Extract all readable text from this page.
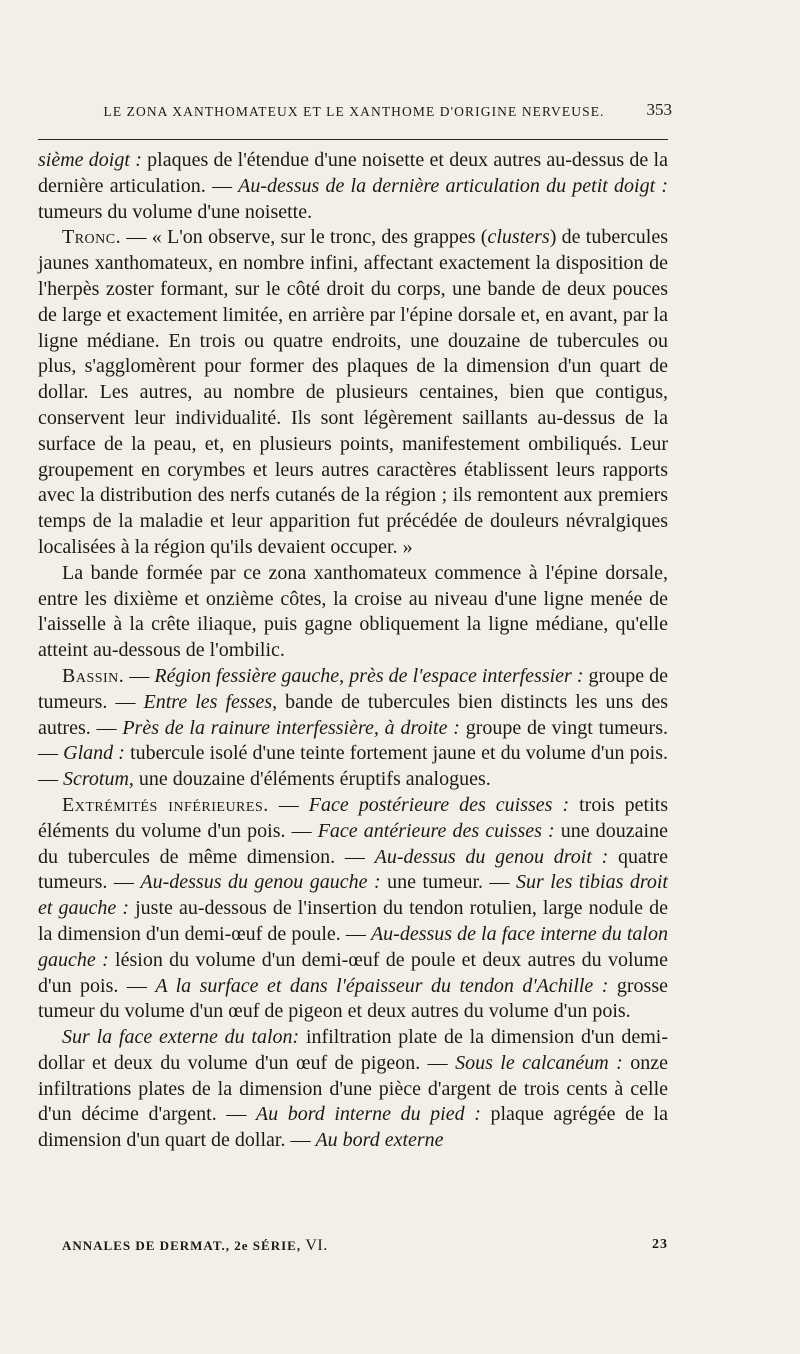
LE ZONA XANTHOMATEUX ET LE XANTHOME D'ORIGINE NERVEUSE.	353

sième doigt : plaques de l'étendue d'une noisette et deux autres au-dessus de la dernière articulation. — Au-dessus de la dernière articulation du petit doigt : tumeurs du volume d'une noisette.

Tronc. — « L'on observe, sur le tronc, des grappes (clusters) de tubercules jaunes xanthomateux, en nombre infini, affectant exactement la disposition de l'herpès zoster formant, sur le côté droit du corps, une bande de deux pouces de large et exactement limitée, en arrière par l'épine dorsale et, en avant, par la ligne médiane. En trois ou quatre endroits, une douzaine de tubercules ou plus, s'agglomèrent pour former des plaques de la dimension d'un quart de dollar. Les autres, au nombre de plusieurs centaines, bien que contigus, conservent leur individualité. Ils sont légèrement saillants au-dessus de la surface de la peau, et, en plusieurs points, manifestement ombiliqués. Leur groupement en corymbes et leurs autres caractères établissent leurs rapports avec la distribution des nerfs cutanés de la région ; ils remontent aux premiers temps de la maladie et leur apparition fut précédée de douleurs névralgiques localisées à la région qu'ils devaient occuper. »

La bande formée par ce zona xanthomateux commence à l'épine dorsale, entre les dixième et onzième côtes, la croise au niveau d'une ligne menée de l'aisselle à la crête iliaque, puis gagne obliquement la ligne médiane, qu'elle atteint au-dessous de l'ombilic.

Bassin. — Région fessière gauche, près de l'espace interfessier : groupe de tumeurs. — Entre les fesses, bande de tubercules bien distincts les uns des autres. — Près de la rainure interfessière, à droite : groupe de vingt tumeurs. — Gland : tubercule isolé d'une teinte fortement jaune et du volume d'un pois. — Scrotum, une douzaine d'éléments éruptifs analogues.

Extrémités inférieures. — Face postérieure des cuisses : trois petits éléments du volume d'un pois. — Face antérieure des cuisses : une douzaine du tubercules de même dimension. — Au-dessus du genou droit : quatre tumeurs. — Au-dessus du genou gauche : une tumeur. — Sur les tibias droit et gauche : juste au-dessous de l'insertion du tendon rotulien, large nodule de la dimension d'un demi-œuf de poule. — Au-dessus de la face interne du talon gauche : lésion du volume d'un demi-œuf de poule et deux autres du volume d'un pois. — A la surface et dans l'épaisseur du tendon d'Achille : grosse tumeur du volume d'un œuf de pigeon et deux autres du volume d'un pois.

Sur la face externe du talon: infiltration plate de la dimension d'un demi-dollar et deux du volume d'un œuf de pigeon. — Sous le calcanéum : onze infiltrations plates de la dimension d'une pièce d'argent de trois cents à celle d'un décime d'argent. — Au bord interne du pied : plaque agrégée de la dimension d'un quart de dollar. — Au bord externe

ANNALES DE DERMAT., 2e SÉRIE, VI.	23
